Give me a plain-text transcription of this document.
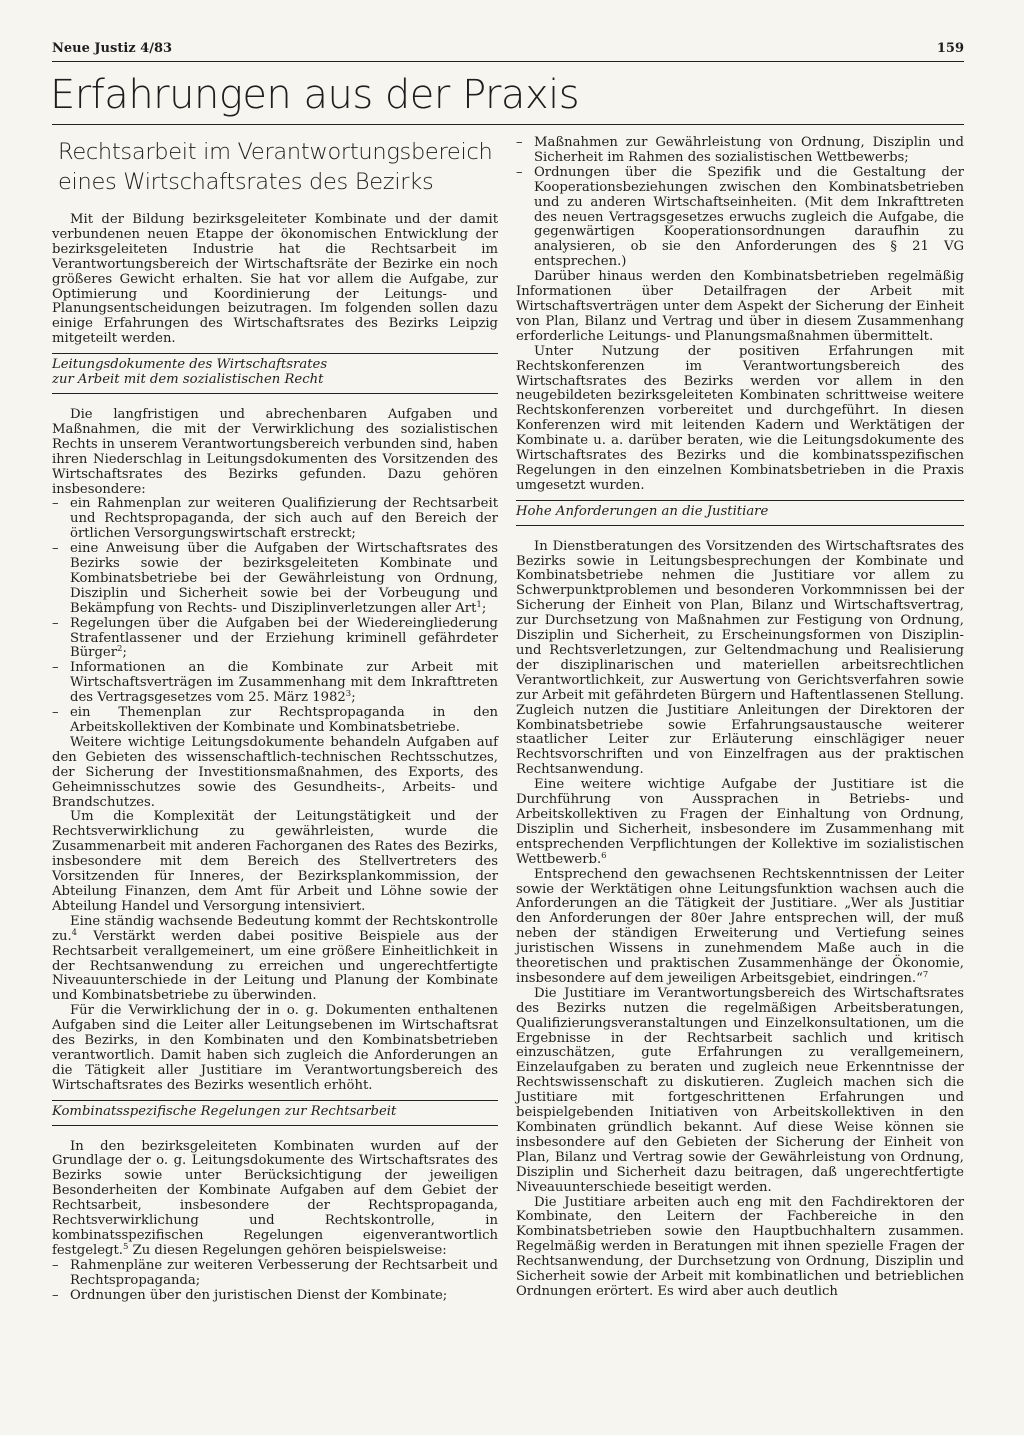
Neue Justiz 4/83	159
Erfahrungen aus der Praxis
Rechtsarbeit im Verantwortungsbereich
eines Wirtschaftsrates des Bezirks

Mit der Bildung bezirksgeleiteter Kombinate und der damit verbundenen neuen Etappe der ökonomischen Entwicklung der bezirksgeleiteten Industrie hat die Rechtsarbeit im Verantwortungsbereich der Wirtschaftsräte der Bezirke ein noch größeres Gewicht erhalten. Sie hat vor allem die Aufgabe, zur Optimierung und Koordinierung der Leitungs- und Planungsentscheidungen beizutragen. Im folgenden sollen dazu einige Erfahrungen des Wirtschaftsrates des Bezirks Leipzig mitgeteilt werden.

Leitungsdokumente des Wirtschaftsrates
zur Arbeit mit dem sozialistischen Recht

Die langfristigen und abrechenbaren Aufgaben und Maßnahmen, die mit der Verwirklichung des sozialistischen Rechts in unserem Verantwortungsbereich verbunden sind, haben ihren Niederschlag in Leitungsdokumenten des Vorsitzenden des Wirtschaftsrates des Bezirks gefunden. Dazu gehören insbesondere:

– ein Rahmenplan zur weiteren Qualifizierung der Rechtsarbeit und Rechtspropaganda, der sich auch auf den Bereich der örtlichen Versorgungswirtschaft erstreckt;
– eine Anweisung über die Aufgaben der Wirtschaftsrates des Bezirks sowie der bezirksgeleiteten Kombinate und Kombinatsbetriebe bei der Gewährleistung von Ordnung, Disziplin und Sicherheit sowie bei der Vorbeugung und Bekämpfung von Rechts- und Disziplinverletzungen aller Art$^1$;
– Regelungen über die Aufgaben bei der Wiedereingliederung Strafentlassener und der Erziehung kriminell gefährdeter Bürger$^2$;
– Informationen an die Kombinate zur Arbeit mit Wirtschaftsverträgen im Zusammenhang mit dem Inkrafttreten des Vertragsgesetzes vom 25. März 1982$^3$;
– ein Themenplan zur Rechtspropaganda in den Arbeitskollektiven der Kombinate und Kombinatsbetriebe.

Weitere wichtige Leitungsdokumente behandeln Aufgaben auf den Gebieten des wissenschaftlich-technischen Rechtsschutzes, der Sicherung der Investitionsmaßnahmen, des Exports, des Geheimnisschutzes sowie des Gesundheits-, Arbeits- und Brandschutzes.

Um die Komplexität der Leitungstätigkeit und der Rechtsverwirklichung zu gewährleisten, wurde die Zusammenarbeit mit anderen Fachorganen des Rates des Bezirks, insbesondere mit dem Bereich des Stellvertreters des Vorsitzenden für Inneres, der Bezirksplankommission, der Abteilung Finanzen, dem Amt für Arbeit und Löhne sowie der Abteilung Handel und Versorgung intensiviert.

Eine ständig wachsende Bedeutung kommt der Rechtskontrolle zu.$^4$ Verstärkt werden dabei positive Beispiele aus der Rechtsarbeit verallgemeinert, um eine größere Einheitlichkeit in der Rechtsanwendung zu erreichen und ungerechtfertigte Niveauunterschiede in der Leitung und Planung der Kombinate und Kombinatsbetriebe zu überwinden.

Für die Verwirklichung der in o. g. Dokumenten enthaltenen Aufgaben sind die Leiter aller Leitungsebenen im Wirtschaftsrat des Bezirks, in den Kombinaten und den Kombinatsbetrieben verantwortlich. Damit haben sich zugleich die Anforderungen an die Tätigkeit aller Justitiare im Verantwortungsbereich des Wirtschaftsrates des Bezirks wesentlich erhöht.

Kombinatsspezifische Regelungen zur Rechtsarbeit

In den bezirksgeleiteten Kombinaten wurden auf der Grundlage der o. g. Leitungsdokumente des Wirtschaftsrates des Bezirks sowie unter Berücksichtigung der jeweiligen Besonderheiten der Kombinate Aufgaben auf dem Gebiet der Rechtsarbeit, insbesondere der Rechtspropaganda, Rechtsverwirklichung und Rechtskontrolle, in kombinatsspezifischen Regelungen eigenverantwortlich festgelegt.$^5$ Zu diesen Regelungen gehören beispielsweise:

– Rahmenpläne zur weiteren Verbesserung der Rechtsarbeit und Rechtspropaganda;
– Ordnungen über den juristischen Dienst der Kombinate;
– Maßnahmen zur Gewährleistung von Ordnung, Disziplin und Sicherheit im Rahmen des sozialistischen Wettbewerbs;
– Ordnungen über die Spezifik und die Gestaltung der Kooperationsbeziehungen zwischen den Kombinatsbetrieben und zu anderen Wirtschaftseinheiten. (Mit dem Inkrafttreten des neuen Vertragsgesetzes erwuchs zugleich die Aufgabe, die gegenwärtigen Kooperationsordnungen daraufhin zu analysieren, ob sie den Anforderungen des § 21 VG entsprechen.)

Darüber hinaus werden den Kombinatsbetrieben regelmäßig Informationen über Detailfragen der Arbeit mit Wirtschaftsverträgen unter dem Aspekt der Sicherung der Einheit von Plan, Bilanz und Vertrag und über in diesem Zusammenhang erforderliche Leitungs- und Planungsmaßnahmen übermittelt.

Unter Nutzung der positiven Erfahrungen mit Rechtskonferenzen im Verantwortungsbereich des Wirtschaftsrates des Bezirks werden vor allem in den neugebildeten bezirksgeleiteten Kombinaten schrittweise weitere Rechtskonferenzen vorbereitet und durchgeführt. In diesen Konferenzen wird mit leitenden Kadern und Werktätigen der Kombinate u. a. darüber beraten, wie die Leitungsdokumente des Wirtschaftsrates des Bezirks und die kombinatsspezifischen Regelungen in den einzelnen Kombinatsbetrieben in die Praxis umgesetzt wurden.

Hohe Anforderungen an die Justitiare

In Dienstberatungen des Vorsitzenden des Wirtschaftsrates des Bezirks sowie in Leitungsbesprechungen der Kombinate und Kombinatsbetriebe nehmen die Justitiare vor allem zu Schwerpunktproblemen und besonderen Vorkommnissen bei der Sicherung der Einheit von Plan, Bilanz und Wirtschaftsvertrag, zur Durchsetzung von Maßnahmen zur Festigung von Ordnung, Disziplin und Sicherheit, zu Erscheinungsformen von Disziplin- und Rechtsverletzungen, zur Geltendmachung und Realisierung der disziplinarischen und materiellen arbeitsrechtlichen Verantwortlichkeit, zur Auswertung von Gerichtsverfahren sowie zur Arbeit mit gefährdeten Bürgern und Haftentlassenen Stellung. Zugleich nutzen die Justitiare Anleitungen der Direktoren der Kombinatsbetriebe sowie Erfahrungsaustausche weiterer staatlicher Leiter zur Erläuterung einschlägiger neuer Rechtsvorschriften und von Einzelfragen aus der praktischen Rechtsanwendung.

Eine weitere wichtige Aufgabe der Justitiare ist die Durchführung von Aussprachen in Betriebs- und Arbeitskollektiven zu Fragen der Einhaltung von Ordnung, Disziplin und Sicherheit, insbesondere im Zusammenhang mit entsprechenden Verpflichtungen der Kollektive im sozialistischen Wettbewerb.$^6$

Entsprechend den gewachsenen Rechtskenntnissen der Leiter sowie der Werktätigen ohne Leitungsfunktion wachsen auch die Anforderungen an die Tätigkeit der Justitiare. „Wer als Justitiar den Anforderungen der 80er Jahre entsprechen will, der muß neben der ständigen Erweiterung und Vertiefung seines juristischen Wissens in zunehmendem Maße auch in die theoretischen und praktischen Zusammenhänge der Ökonomie, insbesondere auf dem jeweiligen Arbeitsgebiet, eindringen.“$^7$

Die Justitiare im Verantwortungsbereich des Wirtschaftsrates des Bezirks nutzen die regelmäßigen Arbeitsberatungen, Qualifizierungsveranstaltungen und Einzelkonsultationen, um die Ergebnisse in der Rechtsarbeit sachlich und kritisch einzuschätzen, gute Erfahrungen zu verallgemeinern, Einzelaufgaben zu beraten und zugleich neue Erkenntnisse der Rechtswissenschaft zu diskutieren. Zugleich machen sich die Justitiare mit fortgeschrittenen Erfahrungen und beispielgebenden Initiativen von Arbeitskollektiven in den Kombinaten gründlich bekannt. Auf diese Weise können sie insbesondere auf den Gebieten der Sicherung der Einheit von Plan, Bilanz und Vertrag sowie der Gewährleistung von Ordnung, Disziplin und Sicherheit dazu beitragen, daß ungerechtfertigte Niveauunterschiede beseitigt werden.

Die Justitiare arbeiten auch eng mit den Fachdirektoren der Kombinate, den Leitern der Fachbereiche in den Kombinatsbetrieben sowie den Hauptbuchhaltern zusammen. Regelmäßig werden in Beratungen mit ihnen spezielle Fragen der Rechtsanwendung, der Durchsetzung von Ordnung, Disziplin und Sicherheit sowie der Arbeit mit kombinatlichen und betrieblichen Ordnungen erörtert. Es wird aber auch deutlich
